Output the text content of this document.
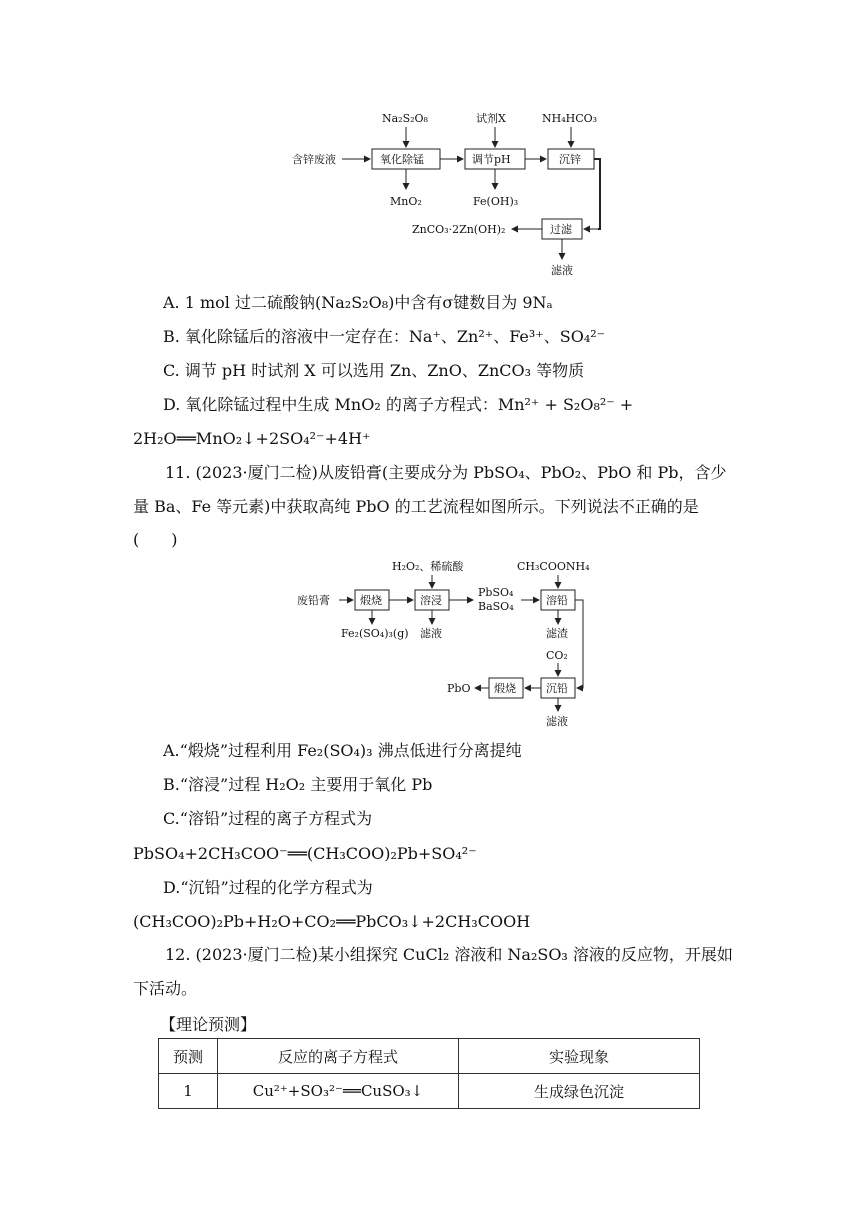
含锌废液	氧化除锰	调节pH	沉锌
Na₂S₂O₈	试剂X	NH₄HCO₃
MnO₂	Fe(OH)₃
过滤
ZnCO₃·2Zn(OH)₂
滤液
A. 1 mol 过二硫酸钠(Na₂S₂O₈)中含有σ键数目为 9Nₐ
B. 氧化除锰后的溶液中一定存在：Na⁺、Zn²⁺、Fe³⁺、SO₄²⁻
C. 调节 pH 时试剂 X 可以选用 Zn、ZnO、ZnCO₃ 等物质
D. 氧化除锰过程中生成 MnO₂ 的离子方程式：Mn²⁺ + S₂O₈²⁻ +
2H₂O══MnO₂↓+2SO₄²⁻+4H⁺
11. (2023·厦门二检)从废铅膏(主要成分为 PbSO₄、PbO₂、PbO 和 Pb，含少量 Ba、Fe 等元素)中获取高纯 PbO 的工艺流程如图所示。下列说法不正确的是
(　　)
废铅膏	煅烧	溶浸
H₂O₂、稀硫酸
PbSO₄
BaSO₄	溶铅
CH₃COONH₄
Fe₂(SO₄)₃(g) 滤液	滤渣
沉铅
CO₂
滤液
煅烧
PbO
A.“煅烧”过程利用 Fe₂(SO₄)₃ 沸点低进行分离提纯
B.“溶浸”过程 H₂O₂ 主要用于氧化 Pb
C.“溶铅”过程的离子方程式为
PbSO₄+2CH₃COO⁻══(CH₃COO)₂Pb+SO₄²⁻
D.“沉铅”过程的化学方程式为
(CH₃COO)₂Pb+H₂O+CO₂══PbCO₃↓+2CH₃COOH
12. (2023·厦门二检)某小组探究 CuCl₂ 溶液和 Na₂SO₃ 溶液的反应物，开展如下活动。
【理论预测】
预测	反应的离子方程式	实验现象
1	Cu²⁺+SO₃²⁻══CuSO₃↓	生成绿色沉淀
